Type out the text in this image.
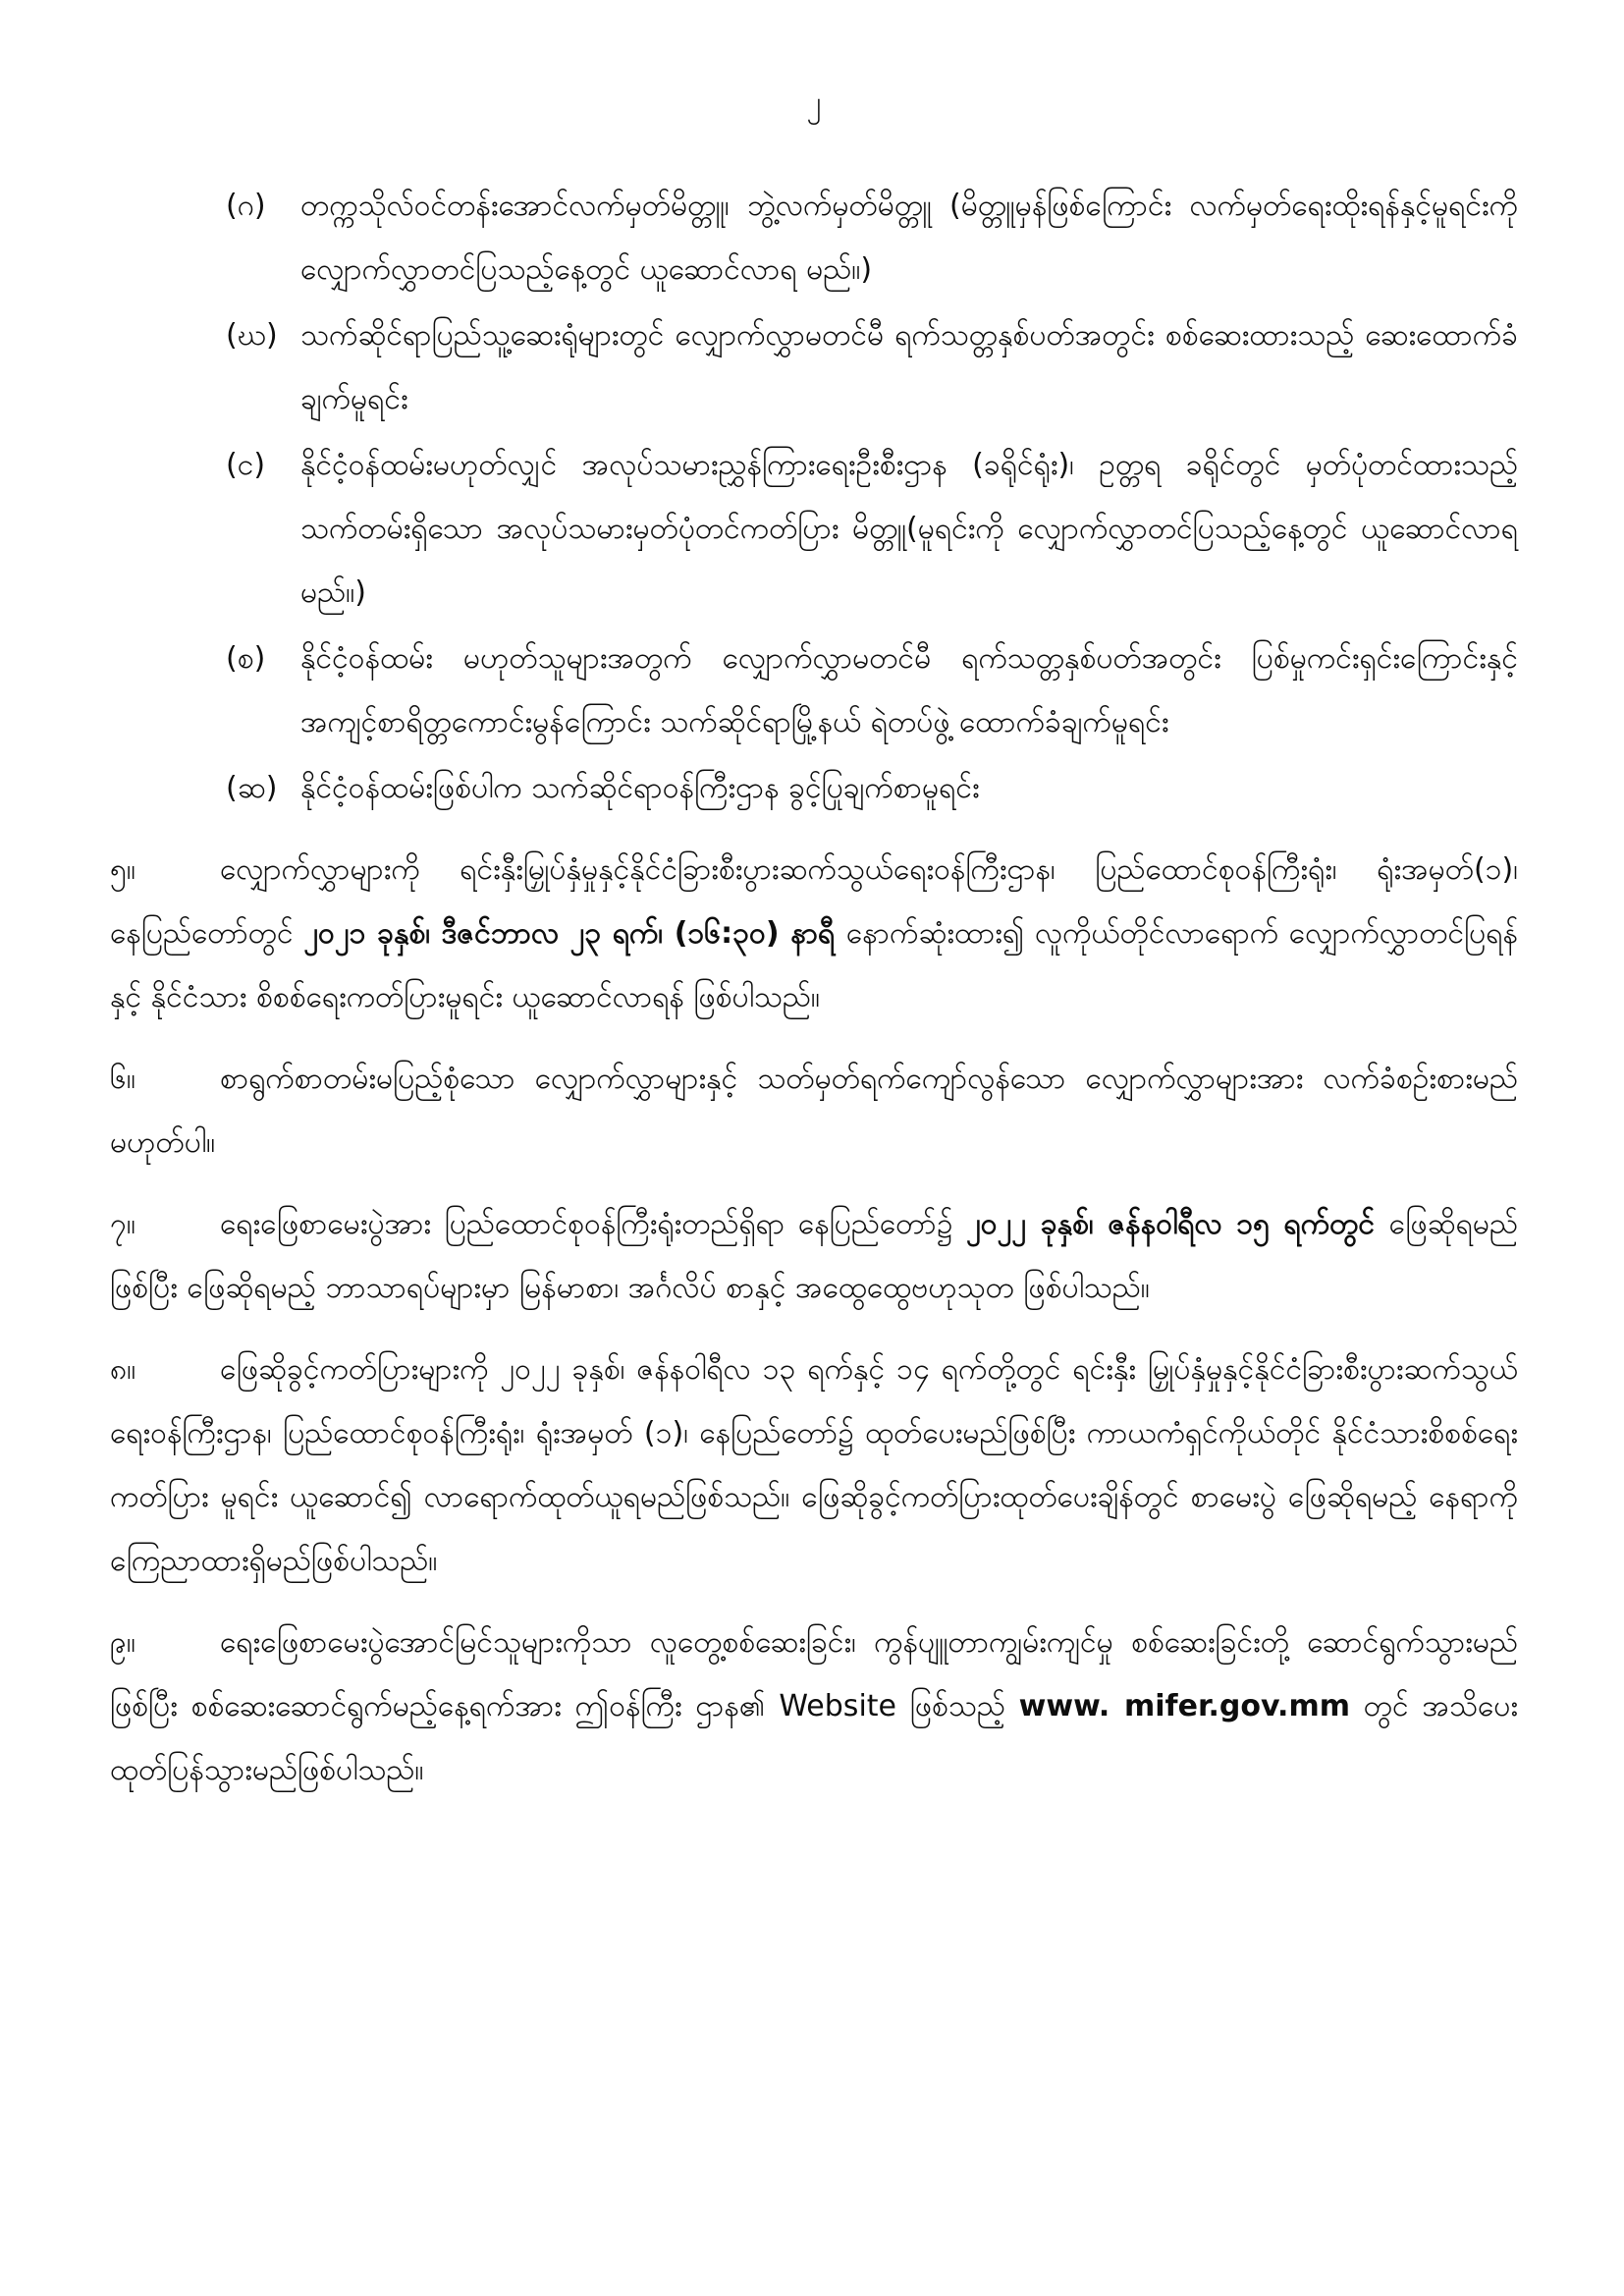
၂
(ဂ)	တက္ကသိုလ်ဝင်တန်းအောင်လက်မှတ်မိတ္တူ၊ ဘွဲ့လက်မှတ်မိတ္တူ (မိတ္တူမှန်ဖြစ်ကြောင်း လက်မှတ်ရေးထိုးရန်နှင့်မူရင်းကို လျှောက်လွှာတင်ပြသည့်နေ့တွင် ယူဆောင်လာရ မည်။)
(ဃ) သက်ဆိုင်ရာပြည်သူ့ဆေးရုံများတွင် လျှောက်လွှာမတင်မီ ရက်သတ္တနှစ်ပတ်အတွင်း စစ်ဆေးထားသည့် ဆေးထောက်ခံချက်မူရင်း
(င)	နိုင်ငံ့ဝန်ထမ်းမဟုတ်လျှင် အလုပ်သမားညွှန်ကြားရေးဦးစီးဌာန (ခရိုင်ရုံး)၊ ဥတ္တရ ခရိုင်တွင် မှတ်ပုံတင်ထားသည့် သက်တမ်းရှိသော အလုပ်သမားမှတ်ပုံတင်ကတ်ပြား မိတ္တူ(မူရင်းကို လျှောက်လွှာတင်ပြသည့်နေ့တွင် ယူဆောင်လာရမည်။)
(စ)	နိုင်ငံ့ဝန်ထမ်း မဟုတ်သူများအတွက် လျှောက်လွှာမတင်မီ ရက်သတ္တနှစ်ပတ်အတွင်း ပြစ်မှုကင်းရှင်းကြောင်းနှင့် အကျင့်စာရိတ္တကောင်းမွန်ကြောင်း သက်ဆိုင်ရာမြို့နယ် ရဲတပ်ဖွဲ့ ထောက်ခံချက်မူရင်း
(ဆ) နိုင်ငံ့ဝန်ထမ်းဖြစ်ပါက သက်ဆိုင်ရာဝန်ကြီးဌာန ခွင့်ပြုချက်စာမူရင်း
၅။	လျှောက်လွှာများကို ရင်းနှီးမြှုပ်နှံမှုနှင့်နိုင်ငံခြားစီးပွားဆက်သွယ်ရေးဝန်ကြီးဌာန၊ ပြည်ထောင်စုဝန်ကြီးရုံး၊ ရုံးအမှတ်(၁)၊ နေပြည်တော်တွင် ၂၀၂၁ ခုနှစ်၊ ဒီဇင်ဘာလ ၂၃ ရက်၊ (၁၆:၃၀) နာရီ နောက်ဆုံးထား၍ လူကိုယ်တိုင်လာရောက် လျှောက်လွှာတင်ပြရန်နှင့် နိုင်ငံသား စိစစ်ရေးကတ်ပြားမူရင်း ယူဆောင်လာရန် ဖြစ်ပါသည်။
၆။	စာရွက်စာတမ်းမပြည့်စုံသော လျှောက်လွှာများနှင့် သတ်မှတ်ရက်ကျော်လွန်သော လျှောက်လွှာများအား လက်ခံစဉ်းစားမည်မဟုတ်ပါ။
၇။	ရေးဖြေစာမေးပွဲအား ပြည်ထောင်စုဝန်ကြီးရုံးတည်ရှိရာ နေပြည်တော်၌ ၂၀၂၂ ခုနှစ်၊ ဇန်နဝါရီလ ၁၅ ရက်တွင် ဖြေဆိုရမည်ဖြစ်ပြီး ဖြေဆိုရမည့် ဘာသာရပ်များမှာ မြန်မာစာ၊ အင်္ဂလိပ် စာနှင့် အထွေထွေဗဟုသုတ ဖြစ်ပါသည်။
၈။	ဖြေဆိုခွင့်ကတ်ပြားများကို ၂၀၂၂ ခုနှစ်၊ ဇန်နဝါရီလ ၁၃ ရက်နှင့် ၁၄ ရက်တို့တွင် ရင်းနှီး မြှုပ်နှံမှုနှင့်နိုင်ငံခြားစီးပွားဆက်သွယ်ရေးဝန်ကြီးဌာန၊ ပြည်ထောင်စုဝန်ကြီးရုံး၊ ရုံးအမှတ် (၁)၊ နေပြည်တော်၌ ထုတ်ပေးမည်ဖြစ်ပြီး ကာယကံရှင်ကိုယ်တိုင် နိုင်ငံသားစိစစ်ရေးကတ်ပြား မူရင်း ယူဆောင်၍ လာရောက်ထုတ်ယူရမည်ဖြစ်သည်။ ဖြေဆိုခွင့်ကတ်ပြားထုတ်ပေးချိန်တွင် စာမေးပွဲ ဖြေဆိုရမည့် နေရာကို ကြေညာထားရှိမည်ဖြစ်ပါသည်။
၉။	ရေးဖြေစာမေးပွဲအောင်မြင်သူများကိုသာ လူတွေ့စစ်ဆေးခြင်း၊ ကွန်ပျူတာကျွမ်းကျင်မှု စစ်ဆေးခြင်းတို့ ဆောင်ရွက်သွားမည်ဖြစ်ပြီး စစ်ဆေးဆောင်ရွက်မည့်နေ့ရက်အား ဤဝန်ကြီး ဌာန၏ Website ဖြစ်သည့် www. mifer.gov.mm တွင် အသိပေးထုတ်ပြန်သွားမည်ဖြစ်ပါသည်။
